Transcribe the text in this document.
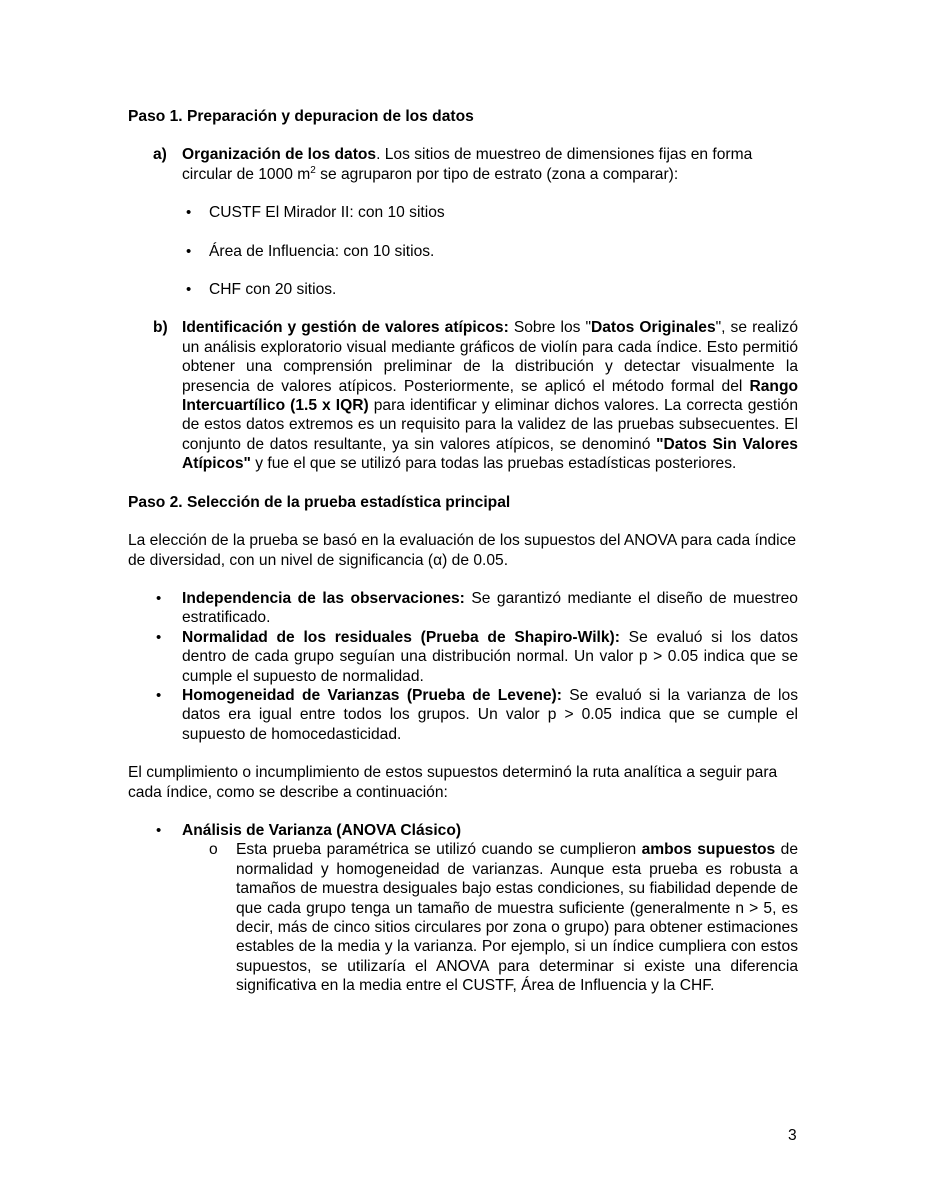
Paso 1. Preparación y depuracion de los datos

a) Organización de los datos. Los sitios de muestreo de dimensiones fijas en forma circular de 1000 $m^2$ se agruparon por tipo de estrato (zona a comparar):

• CUSTF El Mirador II: con 10 sitios
• Área de Influencia: con 10 sitios.
• CHF con 20 sitios.
b) Identificación y gestión de valores atípicos: Sobre los "Datos Originales", se realizó un análisis exploratorio visual mediante gráficos de violín para cada índice. Esto permitió obtener una comprensión preliminar de la distribución y detectar visualmente la presencia de valores atípicos. Posteriormente, se aplicó el método formal del Rango Intercuartílico (1.5 x IQR) para identificar y eliminar dichos valores. La correcta gestión de estos datos extremos es un requisito para la validez de las pruebas subsecuentes. El conjunto de datos resultante, ya sin valores atípicos, se denominó "Datos Sin Valores Atípicos" y fue el que se utilizó para todas las pruebas estadísticas posteriores.

Paso 2. Selección de la prueba estadística principal

La elección de la prueba se basó en la evaluación de los supuestos del ANOVA para cada índice de diversidad, con un nivel de significancia (α) de 0.05.

• Independencia de las observaciones: Se garantizó mediante el diseño de muestreo estratificado.
• Normalidad de los residuales (Prueba de Shapiro-Wilk): Se evaluó si los datos dentro de cada grupo seguían una distribución normal. Un valor p > 0.05 indica que se cumple el supuesto de normalidad.
• Homogeneidad de Varianzas (Prueba de Levene): Se evaluó si la varianza de los datos era igual entre todos los grupos. Un valor p > 0.05 indica que se cumple el supuesto de homocedasticidad.

El cumplimiento o incumplimiento de estos supuestos determinó la ruta analítica a seguir para cada índice, como se describe a continuación:

• Análisis de Varianza (ANOVA Clásico)
o Esta prueba paramétrica se utilizó cuando se cumplieron ambos supuestos de normalidad y homogeneidad de varianzas. Aunque esta prueba es robusta a tamaños de muestra desiguales bajo estas condiciones, su fiabilidad depende de que cada grupo tenga un tamaño de muestra suficiente (generalmente n > 5, es decir, más de cinco sitios circulares por zona o grupo) para obtener estimaciones estables de la media y la varianza. Por ejemplo, si un índice cumpliera con estos supuestos, se utilizaría el ANOVA para determinar si existe una diferencia significativa en la media entre el CUSTF, Área de Influencia y la CHF.
3
